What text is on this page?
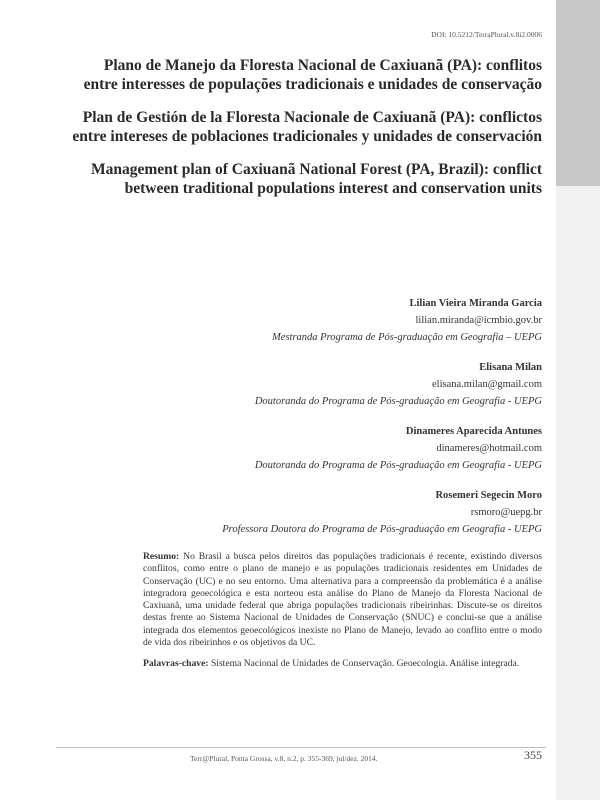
DOI: 10.5212/TerraPlural.v.8i2.0006
Plano de Manejo da Floresta Nacional de Caxiuanã (PA): conflitos entre interesses de populações tradicionais e unidades de conservação
Plan de Gestión de la Floresta Nacionale de Caxiuanã (PA): conflictos entre intereses de poblaciones tradicionales y unidades de conservación
Management plan of Caxiuanã National Forest (PA, Brazil): conflict between traditional populations interest and conservation units
Lilian Vieira Miranda Garcia
lilian.miranda@icmbio.gov.br
Mestranda Programa de Pós-graduação em Geografia – UEPG
Elisana Milan
elisana.milan@gmail.com
Doutoranda do Programa de Pós-graduação em Geografia - UEPG
Dinameres Aparecida Antunes
dinameres@hotmail.com
Doutoranda do Programa de Pós-graduação em Geografia - UEPG
Rosemeri Segecin Moro
rsmoro@uepg.br
Professora Doutora do Programa de Pós-graduação em Geografia - UEPG

Resumo: No Brasil a busca pelos direitos das populações tradicionais é recente, existindo diversos conflitos, como entre o plano de manejo e as populações tradicionais residentes em Unidades de Conservação (UC) e no seu entorno. Uma alternativa para a compreensão da problemática é a análise integradora geoecológica e esta norteou esta análise do Plano de Manejo da Floresta Nacional de Caxiuanã, uma unidade federal que abriga populações tradicionais ribeirinhas. Discute-se os direitos destas frente ao Sistema Nacional de Unidades de Conservação (SNUC) e conclui-se que a análise integrada dos elementos geoecológicos inexiste no Plano de Manejo, levado ao conflito entre o modo de vida dos ribeirinhos e os objetivos da UC.

Palavras-chave: Sistema Nacional de Unidades de Conservação. Geoecologia. Análise integrada.

Terr@Plural, Ponta Grossa, v.8, n.2, p. 355-369, jul/dez. 2014.	355
